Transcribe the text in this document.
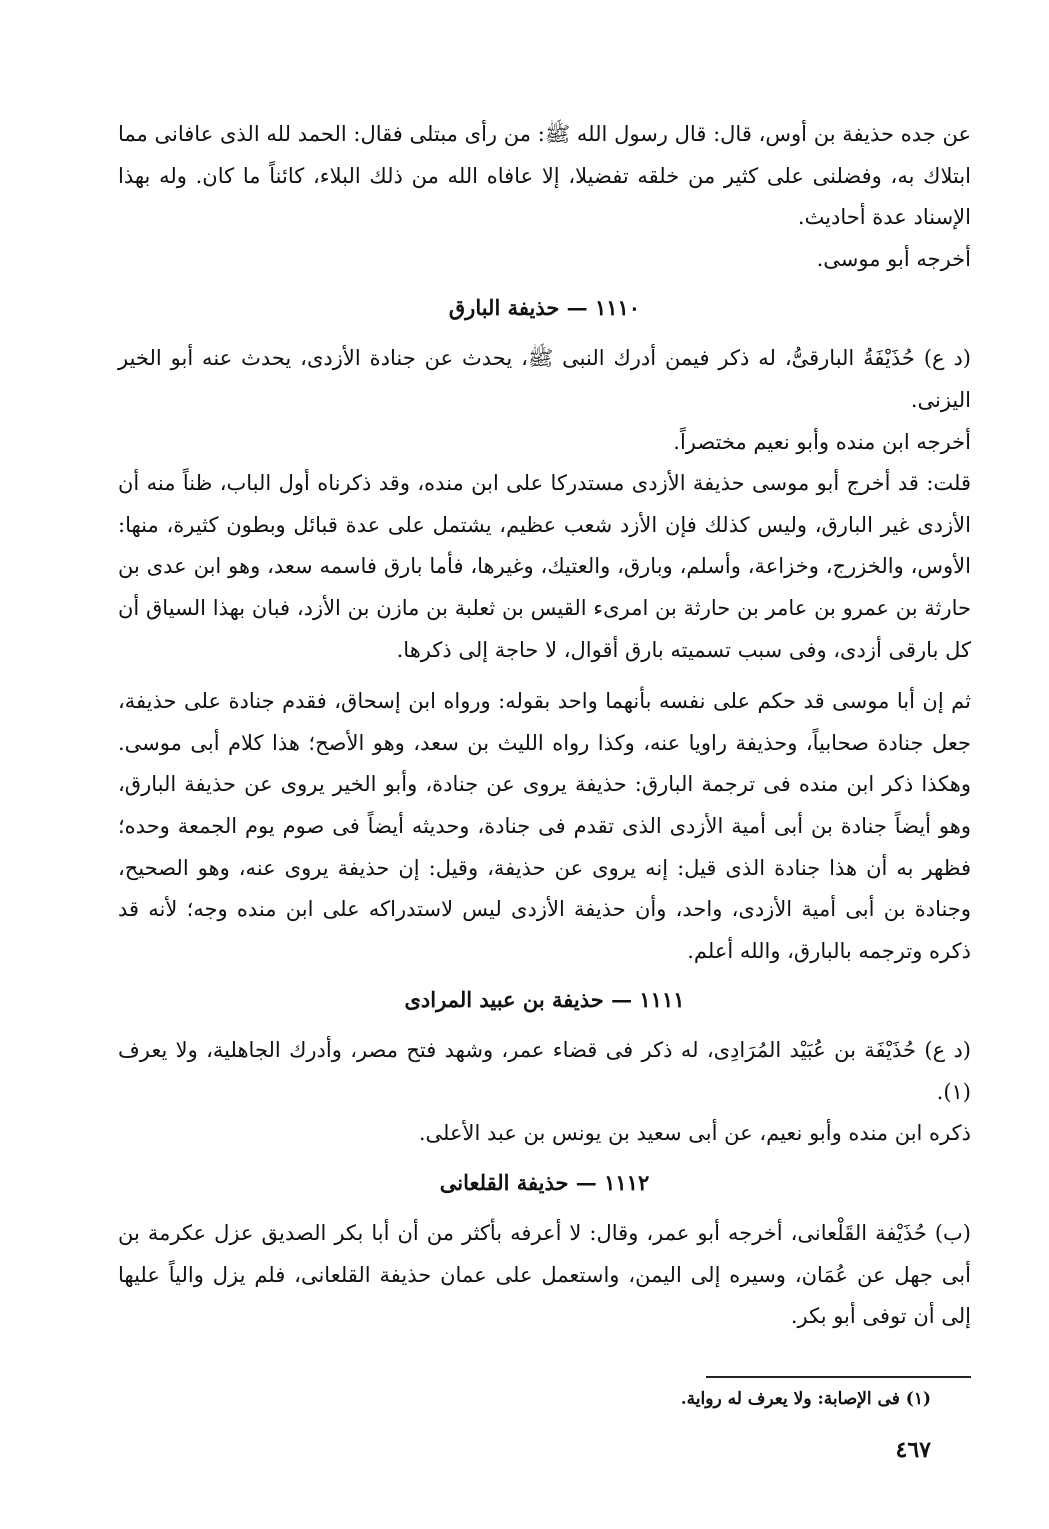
عن جده حذيفة بن أوس، قال: قال رسول الله ﷺ: من رأى مبتلى فقال: الحمد لله الذى عافانى مما ابتلاك به، وفضلنى على كثير من خلقه تفضيلا، إلا عافاه الله من ذلك البلاء، كائناً ما كان. وله بهذا الإسناد عدة أحاديث.

أخرجه أبو موسى.

١١١٠ — حذيفة البارق

(د ع) حُذَيْفَةُ البارقىُّ، له ذكر فيمن أدرك النبى ﷺ، يحدث عن جنادة الأزدى، يحدث عنه أبو الخير اليزنى.

أخرجه ابن منده وأبو نعيم مختصراً.

قلت: قد أخرج أبو موسى حذيفة الأزدى مستدركا على ابن منده، وقد ذكرناه أول الباب، ظناً منه أن الأزدى غير البارق، وليس كذلك فإن الأزد شعب عظيم، يشتمل على عدة قبائل وبطون كثيرة، منها: الأوس، والخزرج، وخزاعة، وأسلم، وبارق، والعتيك، وغيرها، فأما بارق فاسمه سعد، وهو ابن عدى بن حارثة بن عمرو بن عامر بن حارثة بن امرىء القيس بن ثعلبة بن مازن بن الأزد، فبان بهذا السياق أن كل بارقى أزدى، وفى سبب تسميته بارق أقوال، لا حاجة إلى ذكرها.

ثم إن أبا موسى قد حكم على نفسه بأنهما واحد بقوله: ورواه ابن إسحاق، فقدم جنادة على حذيفة، جعل جنادة صحابياً، وحذيفة راويا عنه، وكذا رواه الليث بن سعد، وهو الأصح؛ هذا كلام أبى موسى. وهكذا ذكر ابن منده فى ترجمة البارق: حذيفة يروى عن جنادة، وأبو الخير يروى عن حذيفة البارق، وهو أيضاً جنادة بن أبى أمية الأزدى الذى تقدم فى جنادة، وحديثه أيضاً فى صوم يوم الجمعة وحده؛ فظهر به أن هذا جنادة الذى قيل: إنه يروى عن حذيفة، وقيل: إن حذيفة يروى عنه، وهو الصحيح، وجنادة بن أبى أمية الأزدى، واحد، وأن حذيفة الأزدى ليس لاستدراكه على ابن منده وجه؛ لأنه قد ذكره وترجمه بالبارق، والله أعلم.

١١١١ — حذيفة بن عبيد المرادى

(د ع) حُذَيْفَة بن عُبَيْد المُرَادِى، له ذكر فى قضاء عمر، وشهد فتح مصر، وأدرك الجاهلية، ولا يعرف (١).

ذكره ابن منده وأبو نعيم، عن أبى سعيد بن يونس بن عبد الأعلى.

١١١٢ — حذيفة القلعانى

(ب) حُذَيْفة القَلْعانى، أخرجه أبو عمر، وقال: لا أعرفه بأكثر من أن أبا بكر الصديق عزل عكرمة بن أبى جهل عن عُمَان، وسيره إلى اليمن، واستعمل على عمان حذيفة القلعانى، فلم يزل والياً عليها إلى أن توفى أبو بكر.

(١) فى الإصابة: ولا يعرف له رواية.

٤٦٧
